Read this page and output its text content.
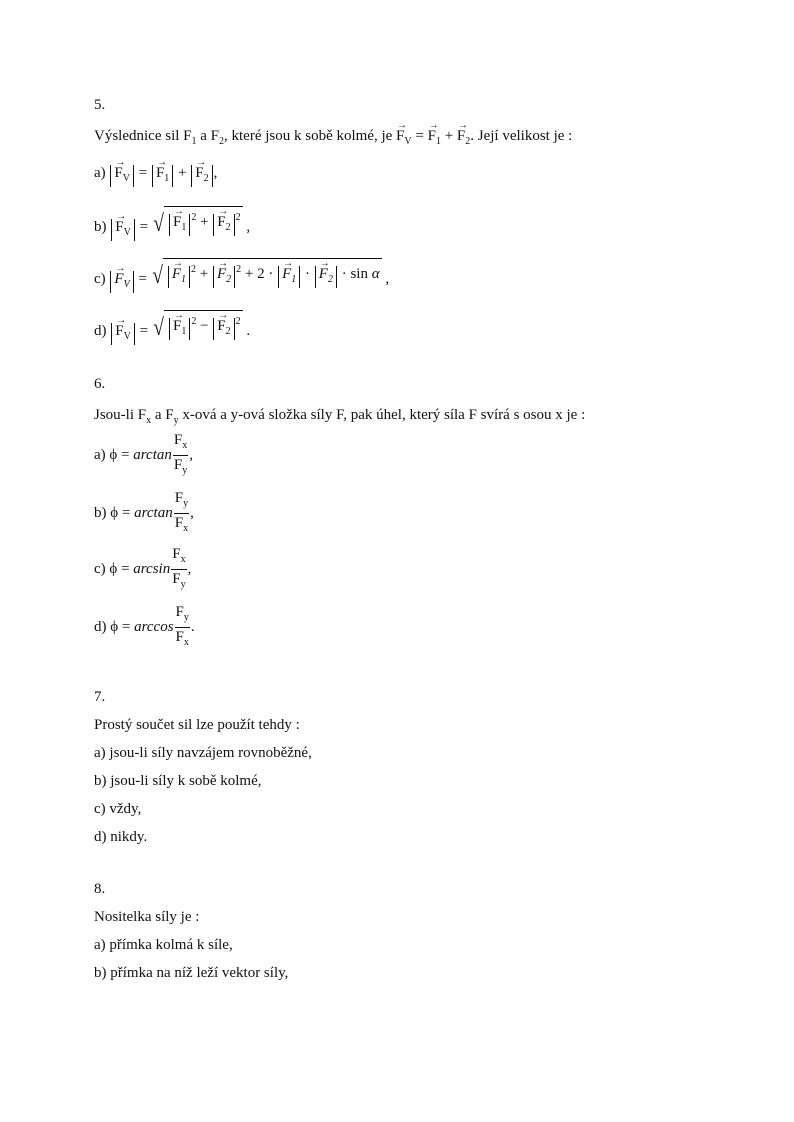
5.
Výslednice sil $F_1$ a $F_2$, které jsou k sobě kolmé, je → $F_V$ = → $F_1$ + → $F_2$. Její velikost je :
$a) \to F_V$ = → $F_1$ + → $F_2$ ,
$b) \to F_V$ = √ → $F_1^2$ + → $F_2^2$
,
$c) \to F_V$ = √ → $F_1^2$ + → $F_2^2 + 2$ · → $F_1$ · → $F_2 \cdot \sin \alpha$ ,
$d) \to F_V$ = √ → $F_1^2$ − → $F_2^2$
.
6.
Jsou-li $F_x$ a $F_y$ x-ová a y-ová složka síly F, pak úhel, který síla F svírá s osou x je :
a) $\phi = \arctan \frac{F_x}{F_y}$ ,
b) $\phi = \arctan \frac{F_y}{F_x}$ ,
c) $\phi = \arcsin \frac{F_x}{F_y}$ ,
d) $\phi = \arccos \frac{F_y}{F_x}$ .
7.
Prostý součet sil lze použít tehdy :
a) jsou-li síly navzájem rovnoběžné,
b) jsou-li síly k sobě kolmé,
c) vždy,
d) nikdy.
8.
Nositelka síly je :
a) přímka kolmá k síle,
b) přímka na níž leží vektor síly,
